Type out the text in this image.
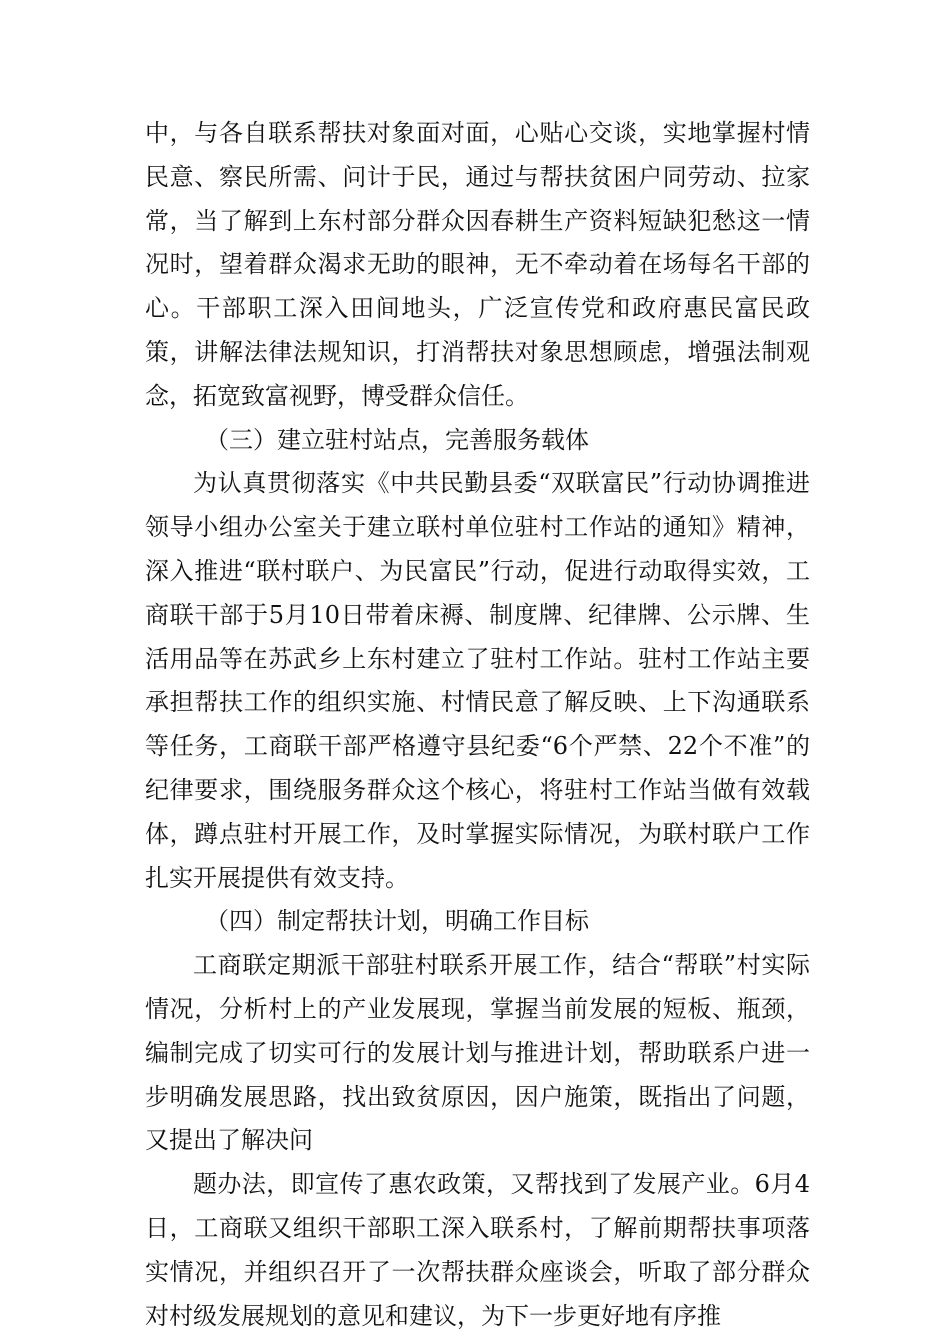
中，与各自联系帮扶对象面对面，心贴心交谈，实地掌握村情民意、察民所需、问计于民，通过与帮扶贫困户同劳动、拉家常，当了解到上东村部分群众因春耕生产资料短缺犯愁这一情况时，望着群众渴求无助的眼神，无不牵动着在场每名干部的心。干部职工深入田间地头，广泛宣传党和政府惠民富民政策，讲解法律法规知识，打消帮扶对象思想顾虑，增强法制观念，拓宽致富视野，博受群众信任。

（三）建立驻村站点，完善服务载体

为认真贯彻落实《中共民勤县委“双联富民”行动协调推进领导小组办公室关于建立联村单位驻村工作站的通知》精神，深入推进“联村联户、为民富民”行动，促进行动取得实效，工商联干部于5月10日带着床褥、制度牌、纪律牌、公示牌、生活用品等在苏武乡上东村建立了驻村工作站。驻村工作站主要承担帮扶工作的组织实施、村情民意了解反映、上下沟通联系等任务，工商联干部严格遵守县纪委“6个严禁、22个不准”的纪律要求，围绕服务群众这个核心，将驻村工作站当做有效载体，蹲点驻村开展工作，及时掌握实际情况，为联村联户工作扎实开展提供有效支持。

（四）制定帮扶计划，明确工作目标

工商联定期派干部驻村联系开展工作，结合“帮联”村实际情况，分析村上的产业发展现，掌握当前发展的短板、瓶颈，编制完成了切实可行的发展计划与推进计划，帮助联系户进一步明确发展思路，找出致贫原因，因户施策，既指出了问题，又提出了解决问

题办法，即宣传了惠农政策，又帮找到了发展产业。6月4日，工商联又组织干部职工深入联系村，了解前期帮扶事项落实情况，并组织召开了一次帮扶群众座谈会，听取了部分群众对村级发展规划的意见和建议，为下一步更好地有序推
